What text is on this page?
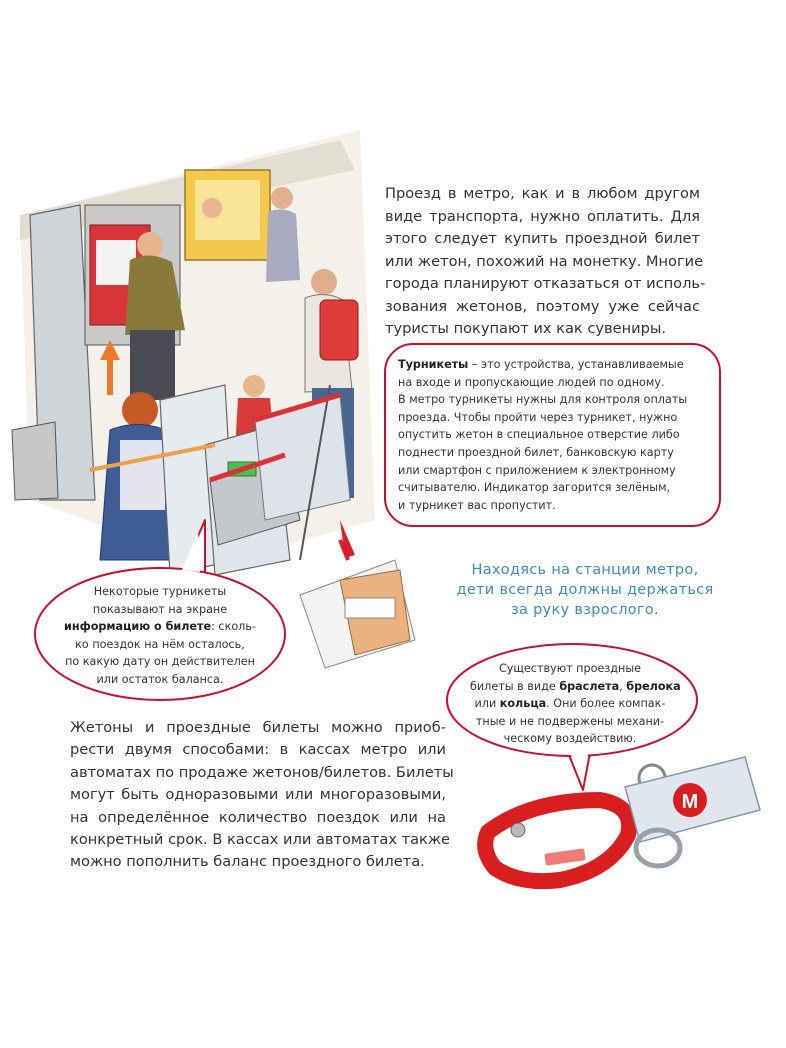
М
Проезд в метро, как и в любом другом
виде транспорта, нужно оплатить. Для
этого следует купить проездной билет
или жетон, похожий на монетку. Многие
города планируют отказаться от исполь-
зования жетонов, поэтому уже сейчас
туристы покупают их как сувениры.
Турникеты – это устройства, устанавливаемые
на входе и пропускающие людей по одному.
В метро турникеты нужны для контроля оплаты
проезда. Чтобы пройти через турникет, нужно
опустить жетон в специальное отверстие либо
поднести проездной билет, банковскую карту
или смартфон с приложением к электронному
считывателю. Индикатор загорится зелёным,
и турникет вас пропустит.
Некоторые турникеты
показывают на экране
информацию о билете: сколь-
ко поездок на нём осталось,
по какую дату он действителен
или остаток баланса.
Находясь на станции метро,
дети всегда должны держаться
за руку взрослого.
Существуют проездные
билеты в виде браслета, брелока
или кольца. Они более компак-
тные и не подвержены механи-
ческому воздействию.
Жетоны и проездные билеты можно приоб-
рести двумя способами: в кассах метро или
автоматах по продаже жетонов/билетов. Билеты
могут быть одноразовыми или многоразовыми,
на определённое количество поездок или на
конкретный срок. В кассах или автоматах также
можно пополнить баланс проездного билета.
